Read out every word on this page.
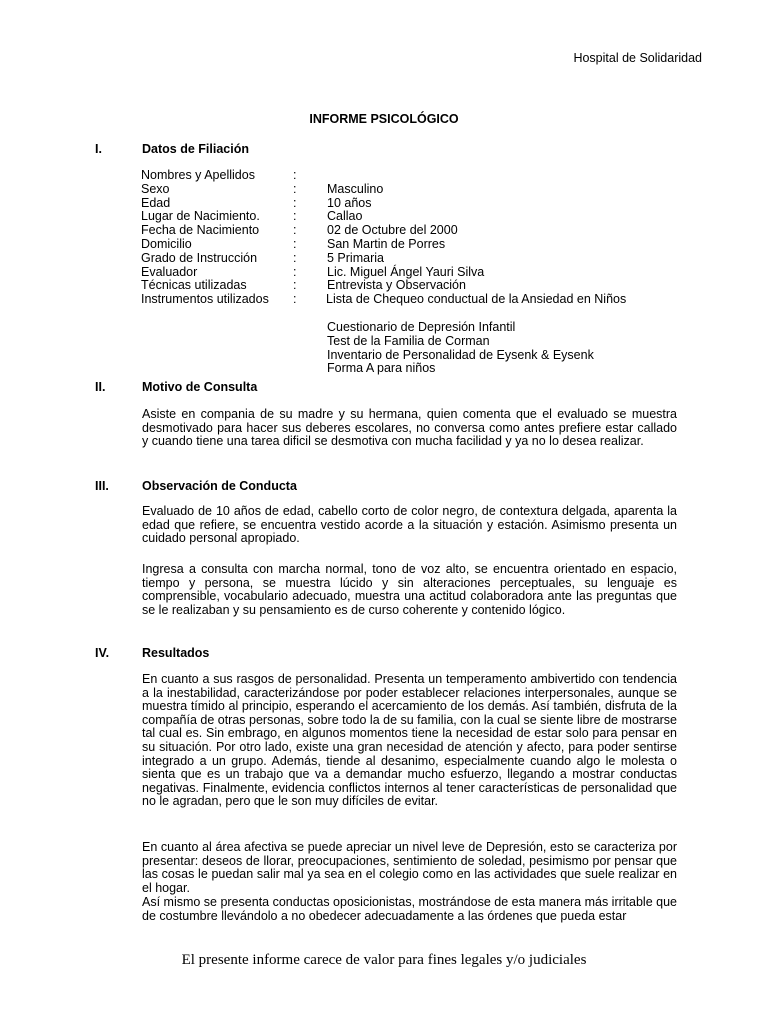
Hospital de Solidaridad
INFORME PSICOLÓGICO
I.	Datos de Filiación
Nombres y Apellidos	:
Sexo	:	Masculino
Edad	:	10 años
Lugar de Nacimiento.	:	Callao
Fecha de Nacimiento	:	02 de Octubre del 2000
Domicilio	:	San Martin de Porres
Grado de Instrucción	:	5 Primaria
Evaluador	:	Lic. Miguel Ángel Yauri Silva
Técnicas utilizadas	:	Entrevista y Observación
Instrumentos utilizados	:	Lista de Chequeo conductual de la Ansiedad en Niños
Cuestionario de Depresión Infantil
Test de la Familia de Corman
Inventario de Personalidad de Eysenk & Eysenk
Forma A para niños
II.	Motivo de Consulta
Asiste en compania de su madre y su hermana, quien comenta que el evaluado se muestra desmotivado para hacer sus deberes escolares, no conversa como antes prefiere estar callado y cuando tiene una tarea dificil se desmotiva con mucha facilidad y ya no lo desea realizar.
III.	Observación de Conducta
Evaluado de 10 años de edad, cabello corto de color negro, de contextura delgada, aparenta la edad que refiere, se encuentra vestido acorde a la situación y estación. Asimismo presenta un cuidado personal apropiado.
Ingresa a consulta con marcha normal, tono de voz alto, se encuentra orientado en espacio, tiempo y persona, se muestra lúcido y sin alteraciones perceptuales, su lenguaje es comprensible, vocabulario adecuado, muestra una actitud colaboradora ante las preguntas que se le realizaban y su pensamiento es de curso coherente y contenido lógico.
IV.	Resultados
En cuanto a sus rasgos de personalidad. Presenta un temperamento ambivertido con tendencia a la inestabilidad, caracterizándose por poder establecer relaciones interpersonales, aunque se muestra tímido al principio, esperando el acercamiento de los demás. Así también, disfruta de la compañía de otras personas, sobre todo la de su familia, con la cual se siente libre de mostrarse tal cual es. Sin embrago, en algunos momentos tiene la necesidad de estar solo para pensar en su situación. Por otro lado, existe una gran necesidad de atención y afecto, para poder sentirse integrado a un grupo. Además, tiende al desanimo, especialmente cuando algo le molesta o sienta que es un trabajo que va a demandar mucho esfuerzo, llegando a mostrar conductas negativas. Finalmente, evidencia conflictos internos al tener características de personalidad que no le agradan, pero que le son muy difíciles de evitar.
En cuanto al área afectiva se puede apreciar un nivel leve de Depresión, esto se caracteriza por presentar: deseos de llorar, preocupaciones, sentimiento de soledad, pesimismo por pensar que las cosas le puedan salir mal ya sea en el colegio como en las actividades que suele realizar en el hogar.
Así mismo se presenta conductas oposicionistas, mostrándose de esta manera más irritable que de costumbre llevándolo a no obedecer adecuadamente a las órdenes que pueda estar
El presente informe carece de valor para fines legales y/o judiciales
